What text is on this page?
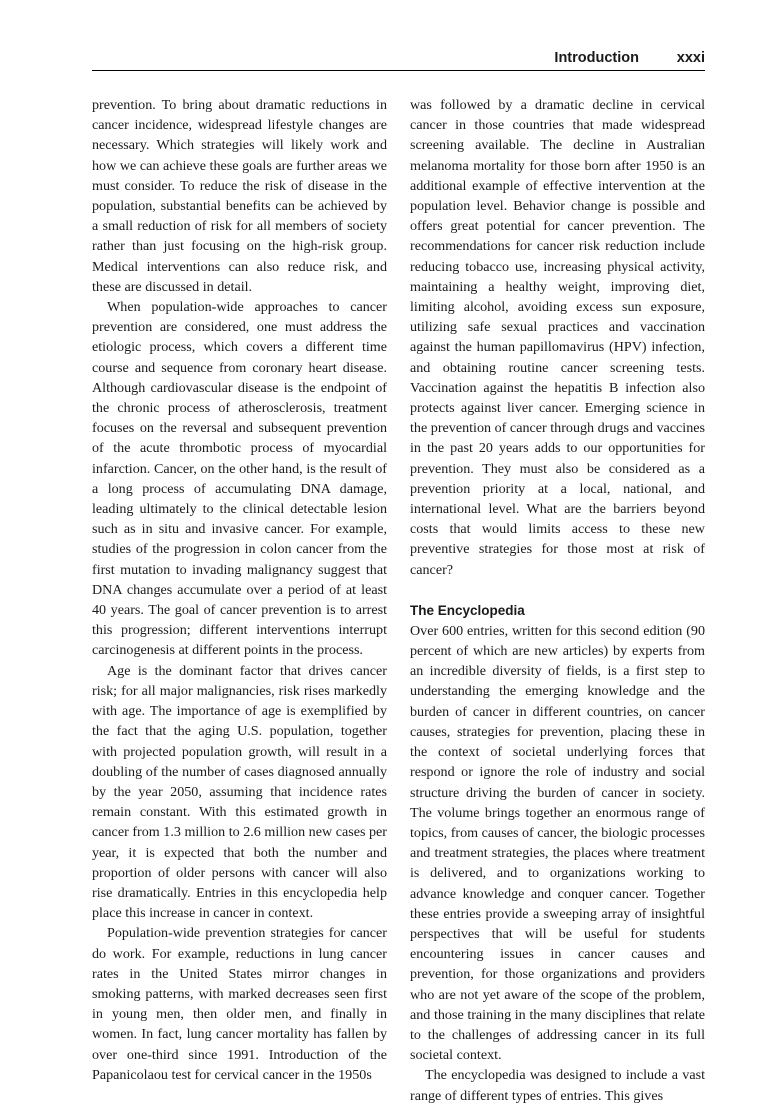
Introduction	xxxi

prevention. To bring about dramatic reductions in cancer incidence, widespread lifestyle changes are necessary. Which strategies will likely work and how we can achieve these goals are further areas we must consider. To reduce the risk of disease in the population, substantial benefits can be achieved by a small reduction of risk for all members of society rather than just focusing on the high-risk group. Medical interventions can also reduce risk, and these are discussed in detail.

When population-wide approaches to cancer prevention are considered, one must address the etiologic process, which covers a different time course and sequence from coronary heart disease. Although cardiovascular disease is the endpoint of the chronic process of atherosclerosis, treatment focuses on the reversal and subsequent prevention of the acute thrombotic process of myocardial infarction. Cancer, on the other hand, is the result of a long process of accumulating DNA damage, leading ultimately to the clinical detectable lesion such as in situ and invasive cancer. For example, studies of the progression in colon cancer from the first mutation to invading malignancy suggest that DNA changes accumulate over a period of at least 40 years. The goal of cancer prevention is to arrest this progression; different interventions interrupt carcinogenesis at different points in the process.

Age is the dominant factor that drives cancer risk; for all major malignancies, risk rises markedly with age. The importance of age is exemplified by the fact that the aging U.S. population, together with projected population growth, will result in a doubling of the number of cases diagnosed annually by the year 2050, assuming that incidence rates remain constant. With this estimated growth in cancer from 1.3 million to 2.6 million new cases per year, it is expected that both the number and proportion of older persons with cancer will also rise dramatically. Entries in this encyclopedia help place this increase in cancer in context.

Population-wide prevention strategies for cancer do work. For example, reductions in lung cancer rates in the United States mirror changes in smoking patterns, with marked decreases seen first in young men, then older men, and finally in women. In fact, lung cancer mortality has fallen by over one-third since 1991. Introduction of the Papanicolaou test for cervical cancer in the 1950s

was followed by a dramatic decline in cervical cancer in those countries that made widespread screening available. The decline in Australian melanoma mortality for those born after 1950 is an additional example of effective intervention at the population level. Behavior change is possible and offers great potential for cancer prevention. The recommendations for cancer risk reduction include reducing tobacco use, increasing physical activity, maintaining a healthy weight, improving diet, limiting alcohol, avoiding excess sun exposure, utilizing safe sexual practices and vaccination against the human papillomavirus (HPV) infection, and obtaining routine cancer screening tests. Vaccination against the hepatitis B infection also protects against liver cancer. Emerging science in the prevention of cancer through drugs and vaccines in the past 20 years adds to our opportunities for prevention. They must also be considered as a prevention priority at a local, national, and international level. What are the barriers beyond costs that would limits access to these new preventive strategies for those most at risk of cancer?

The Encyclopedia

Over 600 entries, written for this second edition (90 percent of which are new articles) by experts from an incredible diversity of fields, is a first step to understanding the emerging knowledge and the burden of cancer in different countries, on cancer causes, strategies for prevention, placing these in the context of societal underlying forces that respond or ignore the role of industry and social structure driving the burden of cancer in society. The volume brings together an enormous range of topics, from causes of cancer, the biologic processes and treatment strategies, the places where treatment is delivered, and to organizations working to advance knowledge and conquer cancer. Together these entries provide a sweeping array of insightful perspectives that will be useful for students encountering issues in cancer causes and prevention, for those organizations and providers who are not yet aware of the scope of the problem, and those training in the many disciplines that relate to the challenges of addressing cancer in its full societal context.

The encyclopedia was designed to include a vast range of different types of entries. This gives
